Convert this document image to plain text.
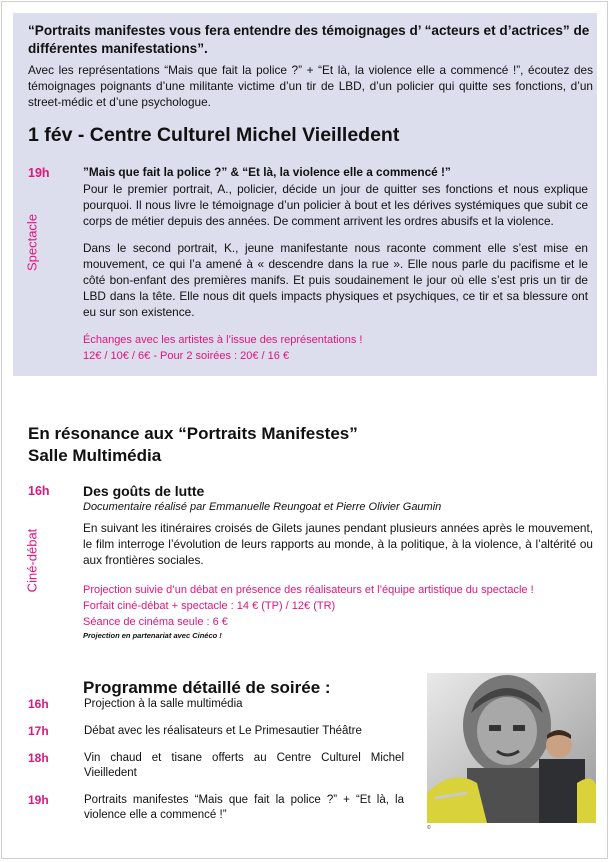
“Portraits manifestes vous fera entendre des témoignages d’ “acteurs et d’actrices” de différentes manifestations”.
Avec les représentations “Mais que fait la police ?” + “Et là, la violence elle a commencé !”, écoutez des témoignages poignants d’une militante victime d’un tir de LBD, d’un policier qui quitte ses fonctions, d’un street-médic et d’une psychologue.
1 fév - Centre Culturel Michel Vieilledent
19h
Spectacle
”Mais que fait la police ?” & “Et là, la violence elle a commencé !”
Pour le premier portrait, A., policier, décide un jour de quitter ses fonctions et nous explique pourquoi. Il nous livre le témoignage d’un policier à bout et les dérives systémiques que subit ce corps de métier depuis des années. De comment arrivent les ordres abusifs et la violence.
Dans le second portrait, K., jeune manifestante nous raconte comment elle s’est mise en mouvement, ce qui l’a amené à « descendre dans la rue ». Elle nous parle du pacifisme et le côté bon-enfant des premières manifs. Et puis soudainement le jour où elle s’est pris un tir de LBD dans la tête. Elle nous dit quels impacts physiques et psychiques, ce tir et sa blessure ont eu sur son existence.
Échanges avec les artistes à l’issue des représentations !
12€ / 10€ / 6€ - Pour 2 soirées : 20€ / 16 €
En résonance aux “Portraits Manifestes”
Salle Multimédia
16h
Ciné-débat
Des goûts de lutte
Documentaire réalisé par Emmanuelle Reungoat et Pierre Olivier Gaumin
En suivant les itinéraires croisés de Gilets jaunes pendant plusieurs années après le mouvement, le film interroge l’évolution de leurs rapports au monde, à la politique, à la violence, à l’altérité ou aux frontières sociales.
Projection suivie d’un débat en présence des réalisateurs et l’équipe artistique du spectacle !
Forfait ciné-débat + spectacle : 14 € (TP) / 12€ (TR)
Séance de cinéma seule : 6 €
Projection en partenariat avec Cinéco !
Programme détaillé de soirée :
16h	Projection à la salle multimédia
17h	Débat avec les réalisateurs et Le Primesautier Théâtre
18h	Vin chaud et tisane offerts au Centre Culturel Michel Vieilledent
19h	Portraits manifestes “Mais que fait la police ?” + “Et là, la violence elle a commencé !”
©
